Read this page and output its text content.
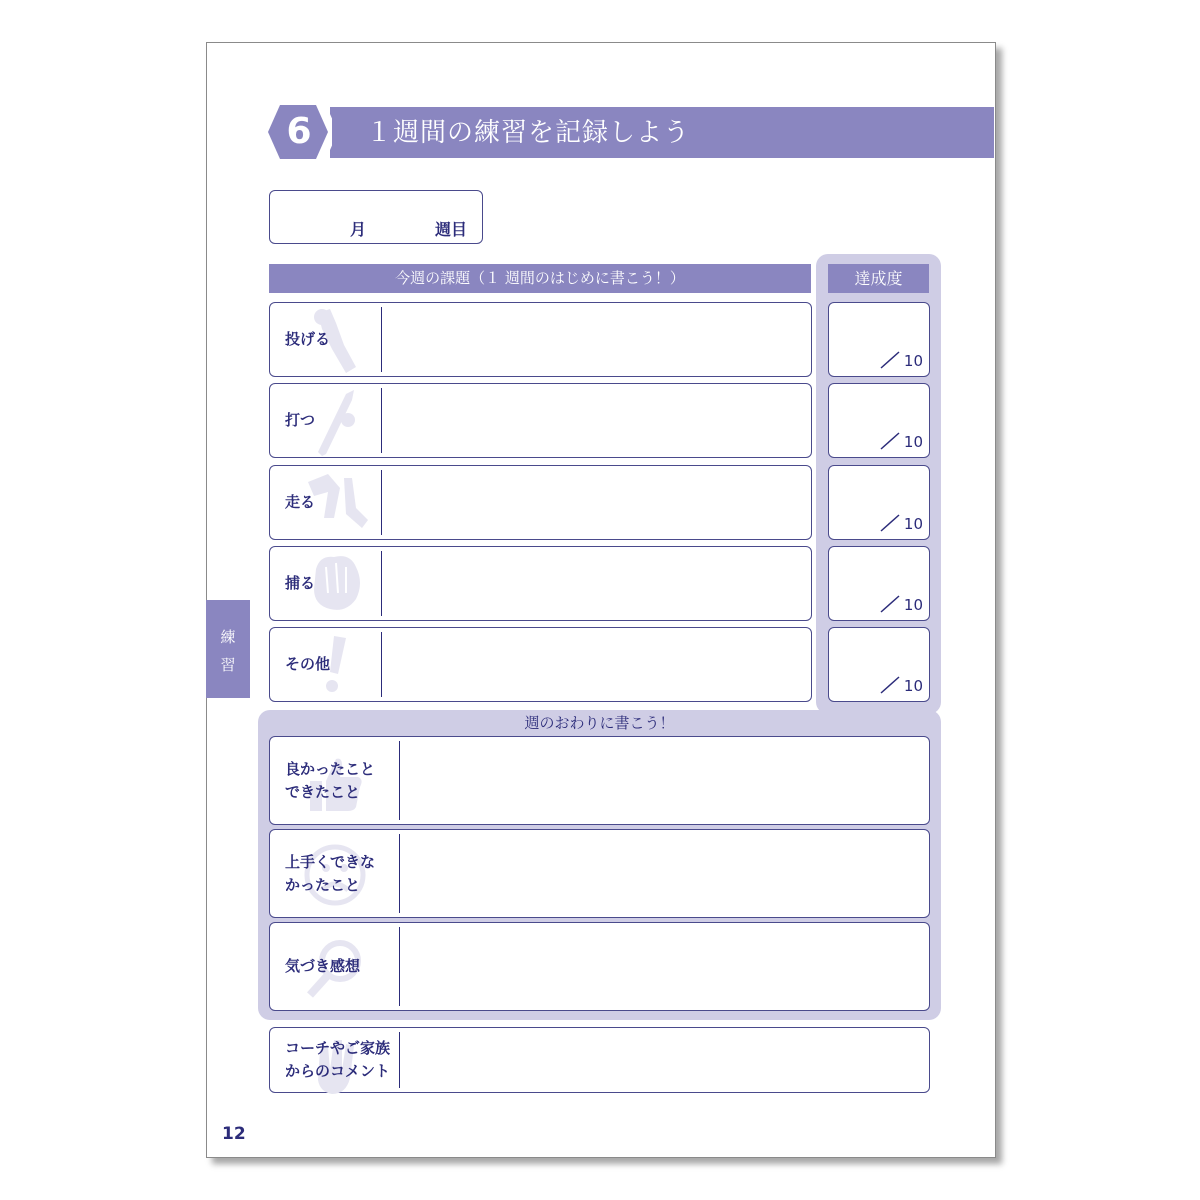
6 １週間の練習を記録しよう
月	週目
今週の課題（１ 週間のはじめに書こう！）	達成度
投げる
打つ
走る
捕る
その他
10
10
10
10
10
週のおわりに書こう！
良かったこと
できたこと
上手くできな
かったこと
気づき感想
コーチやご家族
からのコメント
練
習
12
